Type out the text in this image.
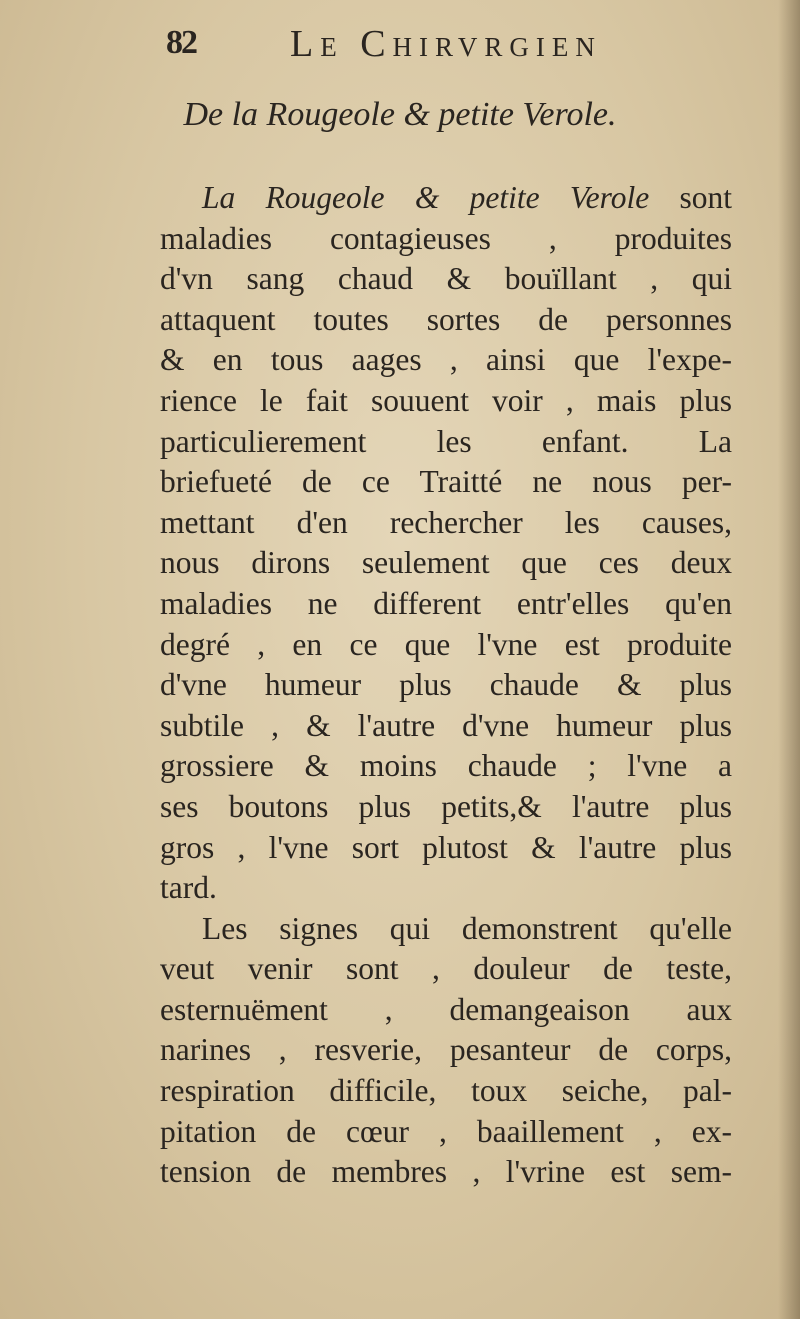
82 Le Chirvrgien
De la Rougeole & petite Verole.
La Rougeole & petite Verole sont
maladies contagieuses , produites
d'vn sang chaud & bouïllant , qui
attaquent toutes sortes de personnes
& en tous aages , ainsi que l'expe-
rience le fait souuent voir , mais plus
particulierement les enfant. La
briefueté de ce Traitté ne nous per-
mettant d'en rechercher les causes,
nous dirons seulement que ces deux
maladies ne different entr'elles qu'en
degré , en ce que l'vne est produite
d'vne humeur plus chaude & plus
subtile , & l'autre d'vne humeur plus
grossiere & moins chaude ; l'vne a
ses boutons plus petits,& l'autre plus
gros , l'vne sort plutost & l'autre plus
tard.
Les signes qui demonstrent qu'elle
veut venir sont , douleur de teste,
esternuëment , demangeaison aux
narines , resverie, pesanteur de corps,
respiration difficile, toux seiche, pal-
pitation de cœur , baaillement , ex-
tension de membres , l'vrine est sem-
